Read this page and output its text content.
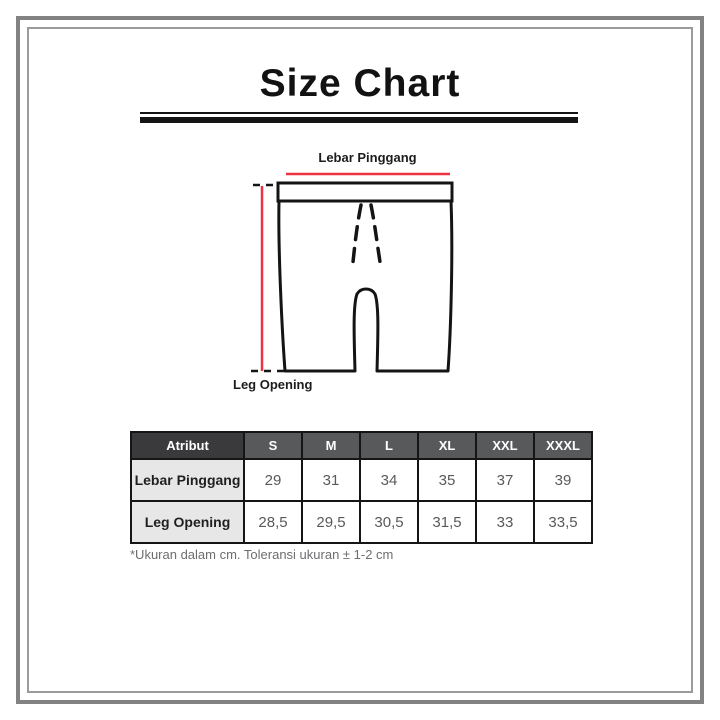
Size Chart
Lebar Pinggang
Leg Opening
Atribut	S	M	L	XL	XXL	XXXL
Lebar Pinggang	29	31	34	35	37	39
Leg Opening	28,5	29,5	30,5	31,5	33	33,5
*Ukuran dalam cm. Toleransi ukuran ± 1-2 cm
